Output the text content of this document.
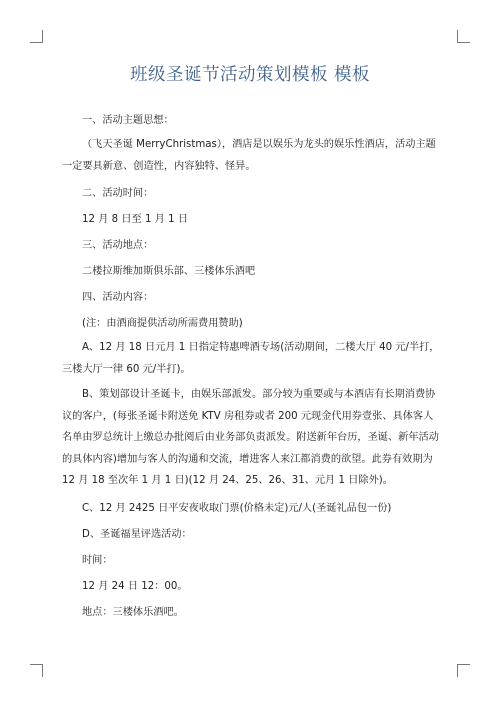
班级圣诞节活动策划模板 模板

一、活动主题思想：

（飞天圣诞 MerryChristmas），酒店是以娱乐为龙头的娱乐性酒店，活动主题一定要具新意、创造性，内容独特、怪异。

二、活动时间：

12 月 8 日至 1 月 1 日

三、活动地点：

二楼拉斯维加斯俱乐部、三楼体乐酒吧

四、活动内容：

(注：由酒商提供活动所需费用赞助)

A、12 月 18 日元月 1 日指定特惠啤酒专场(活动期间，二楼大厅 40 元/半打，三楼大厅一律 60 元/半打)。

B、策划部设计圣诞卡，由娱乐部派发。部分较为重要或与本酒店有长期消费协议的客户，(每张圣诞卡附送免 KTV 房租券或者 200 元现金代用券壹张、具体客人名单由罗总统计上缴总办批阅后由业务部负责派发。附送新年台历，圣诞、新年活动的具体内容)增加与客人的沟通和交流，增进客人来江都消费的欲望。此券有效期为 12 月 18 至次年 1 月 1 日)(12 月 24、25、26、31、元月 1 日除外)。

C、12 月 2425 日平安夜收取门票(价格未定)元/人(圣诞礼品包一份)

D、圣诞福星评选活动：

时间：

12 月 24 日 12：00。

地点：三楼体乐酒吧。
